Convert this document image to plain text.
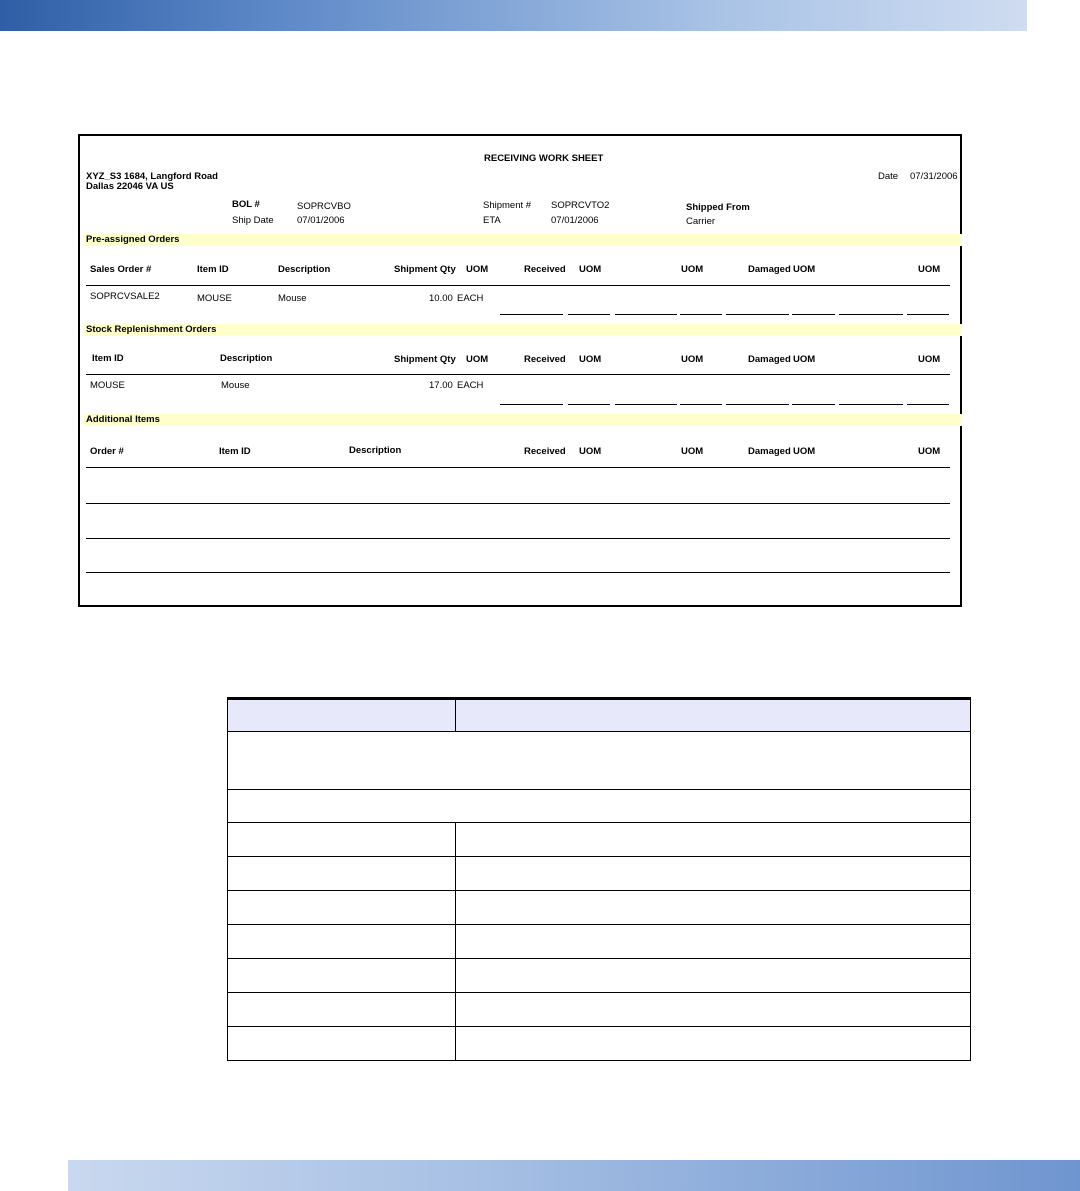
RECEIVING WORK SHEET
XYZ_S3 1684, Langford Road
Dallas 22046 VA US
Date 07/31/2006
BOL #	SOPRCVBO
Ship Date 07/01/2006
Shipment # SOPRCVTO2
ETA	07/01/2006
Shipped From
Carrier
Pre-assigned Orders
Sales Order #	Item ID	Description	Shipment Qty UOM	Received UOM	UOM	Damaged UOM	UOM
SOPRCVSALE2	MOUSE	Mouse	10.00 EACH
Stock Replenishment Orders
Item ID	Description	Shipment Qty UOM	Received UOM	UOM	Damaged UOM	UOM
MOUSE	Mouse	17.00 EACH
Additional Items
Order #	Item ID	Description	Received UOM	UOM	Damaged UOM	UOM
